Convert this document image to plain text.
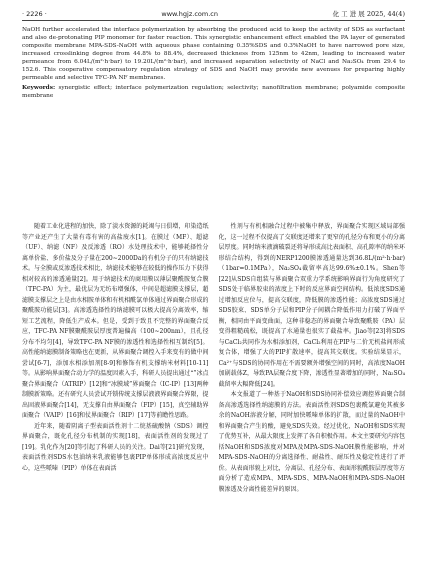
· 2226 ·	www.hgjz.com.cn	化 工 进 展 2025, 44(4)

NaOH further accelerated the interface polymerization by absorbing the produced acid to keep the activity of SDS as surfactant and also de-protonating PIP monomer for faster reaction. This synergistic enhancement effect enabled the PA layer of generated composite membrane MPA-SDS-NaOH with aqueous phase containing 0.35%SDS and 0.3%NaOH to have narrowed pore size, increased crosslinking degree from 44.8% to 88.4%, decreased thickness from 125nm to 42nm, leading to increased water permeance from 6.04L/(m²·h·bar) to 19.20L/(m²·h·bar), and increased separation selectivity of NaCl and Na₂SO₄ from 29.4 to 152.6. This cooperative compensatory regulation strategy of SDS and NaOH may provide new avenues for preparing highly permeable and selective TFC-PA NF membranes.

Keywords: synergistic effect; interface polymerization regulation; selectivity; nanofiltration membrane; polyamide composite membrane

随着工业化进程的加快，除了淡水资源的耗竭与日俱增，印染造纸等产业还产生了大量有毒有害的高盐废水[1]。在膜过（MF）、超滤（UF）、纳滤（NF）及反渗透（RO）水处理技术中，能够耗择性分离单价盐、多价盐及分子量在200~2000Da的有机分子的只有纳滤技术。与全膜或反渗透技术相比，纳滤技术能够在较低的操作压力下获得相对较高的渗透通量[2]。用于纳滤技术的商用膜以薄层聚酰胺复合膜（TFC-PA）为主，最优层为无纺布增强体，中间是超滤膜支撑层，超滤膜支撑层之上是由水相胺单体和有机相酰氯单体通过界面聚合形成的聚酰胺功能层[3]。高渗透选择性的纳滤膜可以极大提高分离效率，缩短工艺流程，降低生产成本。但是，受到于致且不完整的界面聚合反应，TFC-PA NF膜聚酰胺层厚度普遍偏高（100~200nm），且孔径分布不均匀[4]，导致TFC-PA NF膜的渗透性和选择性相互制约[5]。高性能纳滤膜制备策略也在更新，从界面聚合调控入手来变有的做中间尝试[6-7]，添加水相添加剂[8-9]和修饰有机支撑纳米材料[10-11]等。从影响界面聚合动力学的温度因素入手，科研人员提出通过“”冰点聚合界面聚合（ATRIP）[12]和“冰膜域”界面聚合（IC-IP）[13]两种制膜新策略。还有研究人员尝试开锁传统支撑层液液界面聚合界限，提出固液界面聚合[14]，无支撑自由界面聚合（FIP）[15]，真空辅助界面聚合（VAIP）[16]和仗界面聚合（RIP）[17]等前瞻性思路。

近年来，随着阴离子型表面活性剂十二烷基硫酸钠（SDS）调控界面聚合，既化孔径分布机制的实现[18]，表面活性剂的发现过了[19]。乳化作为[20]等引起了科研人员的关注。Dai等[21]研究发现，表面活性剂SDS水包油纳米乳液能够包裹PIP单体形成高浓度反应中心，这些哌嗪（PIP）单体在表面活

性剂与有机相融合过程中被集中释放，界面聚合实现区域局部强化，这一过程不仅提高了交联度还增来了更窄的孔径分布和更小的分离层厚度。同时纳米液滴破裂还将导形成高比表面积、高孔隙率的纳米环形结合结构，得到的NERP1200膜渗透通量达到36.8L/(m²·h·bar)（1bar=0.1MPa），Na₂SO₄截留率高达99.6%±0.1%。Shen等[22]从SDS自组装与界面聚合双重力学系统影响界面行为角度研究了SDS处于临界胶束的浓度上下时的反应界面空间结构。低浓度SDS通过增加反应位与，提高交联度，降低膜的渗透性能；高浓度SDS通过SDS胶束、SDS单分子层和PIP分子间耦合降低作用力打破了界面平衡，相同由平面变曲面，这种非稳态的界面聚合导致聚酰胺（PA）层变得粗糙疏松，既提高了水通量也很实了截盐率。Jiao等[23]将SDS与CaCl₂共同作为水相添加剂，CaCl₂利用在PIP与二价无机盐间形成复合体，增强了大的PIP扩散速率，提高其交联度。实验结果显示，Ca²⁺与SDS的协同作用在不需要额外增强空间的同时，高浓度NaOH加剧载体Z，导致PA层聚合度下降，渗透性显著增加的同时，Na₂SO₄截留率大幅降低[24]。

本文报道了一种基于NaOH和SDS协同补偿效应调控界面聚合制备高渗透选择性纳滤膜的方法。表面活性剂SDS包裹酰氯避免其被多余的NaOH溶液分解，同时加快哌嗪单体的扩散，而过量的NaOH中和界面聚合产生的酸，避免SDS失效。经过优化，NaOH和SDS实现了优势互补，从最大限度上发挥了各自积极作用。本文主要研究内容包括NaOH和SDS浓度对MPA及MPA-SDS-NaOH膜性能影响，并对MPA-SDS-NaOH的分离选择性、耐盐性、耐压性及稳定性进行了评价。从表面形貌上对比，分离层、孔径分布、表面形貌酰胺层厚度等方面分析了造成MPA、MPA-SDS、MPA-NaOH和MPA-SDS-NaOH膜渗透及分离性能差异的原因。
